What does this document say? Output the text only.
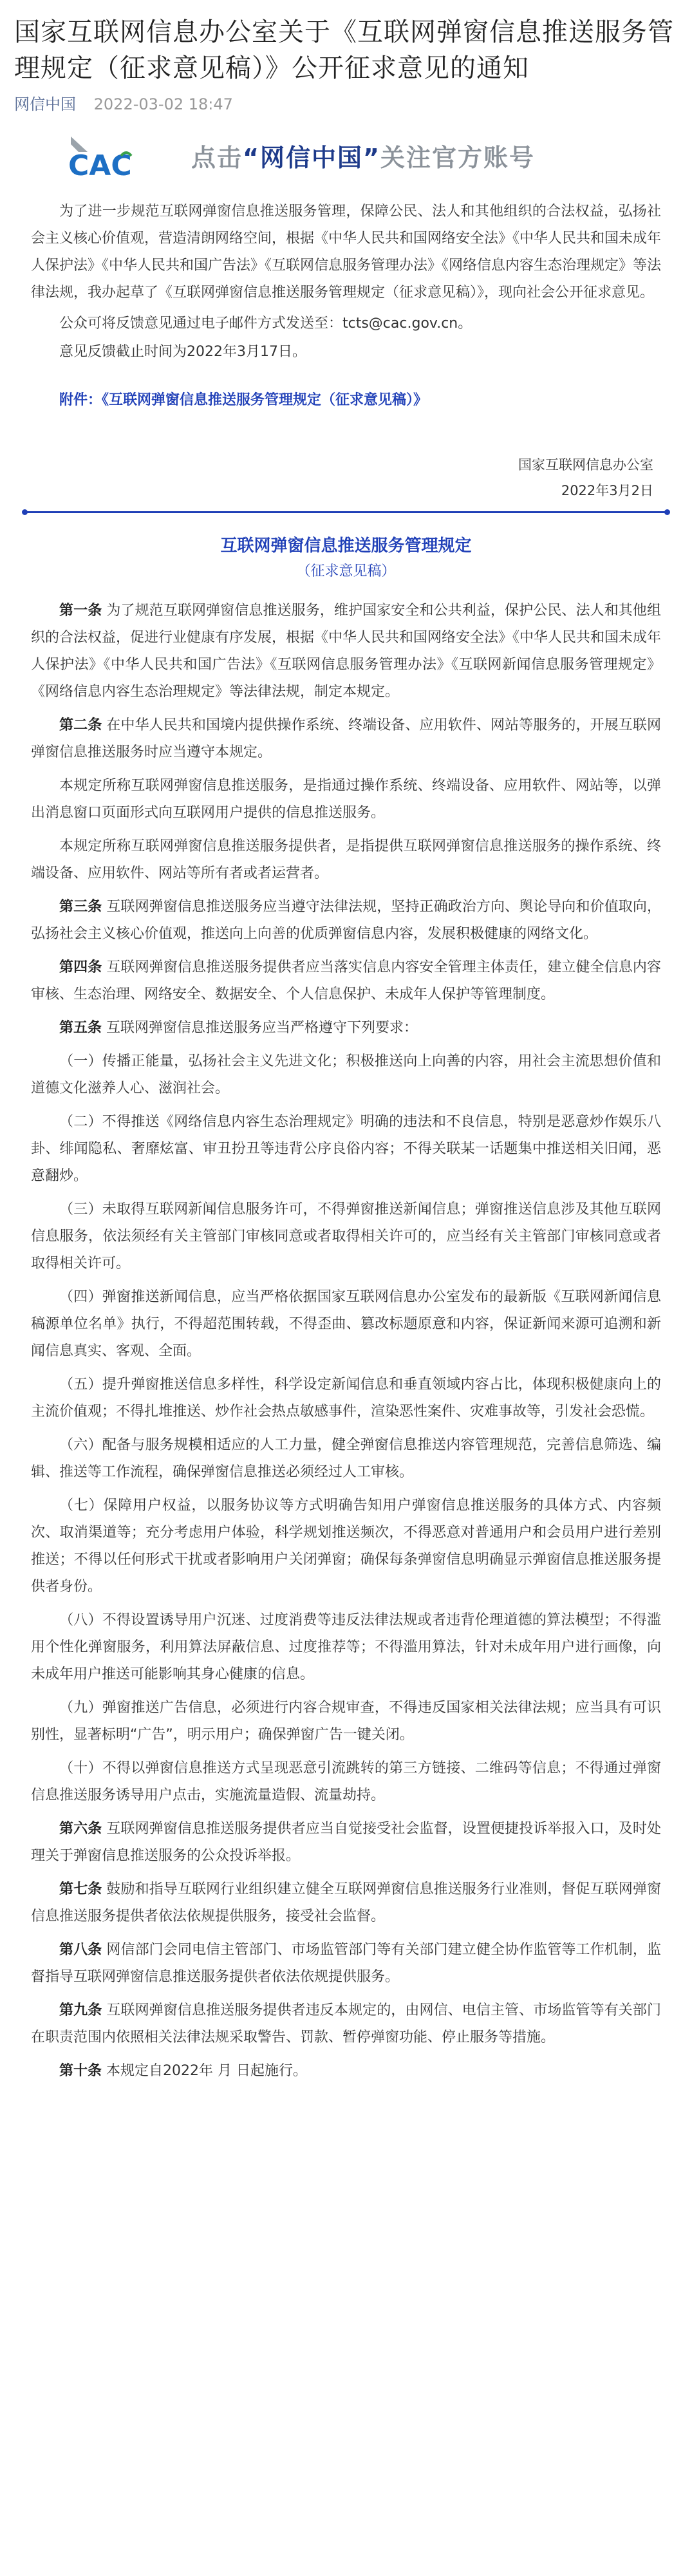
国家互联网信息办公室关于《互联网弹窗信息推送服务管理规定（征求意见稿）》公开征求意见的通知
网信中国 2022-03-02 18:47
CAC 点击“网信中国”关注官方账号

为了进一步规范互联网弹窗信息推送服务管理，保障公民、法人和其他组织的合法权益，弘扬社会主义核心价值观，营造清朗网络空间，根据《中华人民共和国网络安全法》《中华人民共和国未成年人保护法》《中华人民共和国广告法》《互联网信息服务管理办法》《网络信息内容生态治理规定》等法律法规，我办起草了《互联网弹窗信息推送服务管理规定（征求意见稿）》，现向社会公开征求意见。

公众可将反馈意见通过电子邮件方式发送至：tcts@cac.gov.cn。

意见反馈截止时间为2022年3月17日。

附件：《互联网弹窗信息推送服务管理规定（征求意见稿）》
国家互联网信息办公室
2022年3月2日
互联网弹窗信息推送服务管理规定
（征求意见稿）

第一条 为了规范互联网弹窗信息推送服务，维护国家安全和公共利益，保护公民、法人和其他组织的合法权益，促进行业健康有序发展，根据《中华人民共和国网络安全法》《中华人民共和国未成年人保护法》《中华人民共和国广告法》《互联网信息服务管理办法》《互联网新闻信息服务管理规定》《网络信息内容生态治理规定》等法律法规，制定本规定。

第二条 在中华人民共和国境内提供操作系统、终端设备、应用软件、网站等服务的，开展互联网弹窗信息推送服务时应当遵守本规定。

本规定所称互联网弹窗信息推送服务，是指通过操作系统、终端设备、应用软件、网站等，以弹出消息窗口页面形式向互联网用户提供的信息推送服务。

本规定所称互联网弹窗信息推送服务提供者，是指提供互联网弹窗信息推送服务的操作系统、终端设备、应用软件、网站等所有者或者运营者。

第三条 互联网弹窗信息推送服务应当遵守法律法规，坚持正确政治方向、舆论导向和价值取向，弘扬社会主义核心价值观，推送向上向善的优质弹窗信息内容，发展积极健康的网络文化。

第四条 互联网弹窗信息推送服务提供者应当落实信息内容安全管理主体责任，建立健全信息内容审核、生态治理、网络安全、数据安全、个人信息保护、未成年人保护等管理制度。

第五条 互联网弹窗信息推送服务应当严格遵守下列要求：

（一）传播正能量，弘扬社会主义先进文化；积极推送向上向善的内容，用社会主流思想价值和道德文化滋养人心、滋润社会。

（二）不得推送《网络信息内容生态治理规定》明确的违法和不良信息，特别是恶意炒作娱乐八卦、绯闻隐私、奢靡炫富、审丑扮丑等违背公序良俗内容；不得关联某一话题集中推送相关旧闻，恶意翻炒。

（三）未取得互联网新闻信息服务许可，不得弹窗推送新闻信息；弹窗推送信息涉及其他互联网信息服务，依法须经有关主管部门审核同意或者取得相关许可的，应当经有关主管部门审核同意或者取得相关许可。

（四）弹窗推送新闻信息，应当严格依据国家互联网信息办公室发布的最新版《互联网新闻信息稿源单位名单》执行，不得超范围转载，不得歪曲、篡改标题原意和内容，保证新闻来源可追溯和新闻信息真实、客观、全面。

（五）提升弹窗推送信息多样性，科学设定新闻信息和垂直领域内容占比，体现积极健康向上的主流价值观；不得扎堆推送、炒作社会热点敏感事件，渲染恶性案件、灾难事故等，引发社会恐慌。

（六）配备与服务规模相适应的人工力量，健全弹窗信息推送内容管理规范，完善信息筛选、编辑、推送等工作流程，确保弹窗信息推送必须经过人工审核。

（七）保障用户权益，以服务协议等方式明确告知用户弹窗信息推送服务的具体方式、内容频次、取消渠道等；充分考虑用户体验，科学规划推送频次，不得恶意对普通用户和会员用户进行差别推送；不得以任何形式干扰或者影响用户关闭弹窗；确保每条弹窗信息明确显示弹窗信息推送服务提供者身份。

（八）不得设置诱导用户沉迷、过度消费等违反法律法规或者违背伦理道德的算法模型；不得滥用个性化弹窗服务，利用算法屏蔽信息、过度推荐等；不得滥用算法，针对未成年用户进行画像，向未成年用户推送可能影响其身心健康的信息。

（九）弹窗推送广告信息，必须进行内容合规审查，不得违反国家相关法律法规；应当具有可识别性，显著标明“广告”，明示用户；确保弹窗广告一键关闭。

（十）不得以弹窗信息推送方式呈现恶意引流跳转的第三方链接、二维码等信息；不得通过弹窗信息推送服务诱导用户点击，实施流量造假、流量劫持。

第六条 互联网弹窗信息推送服务提供者应当自觉接受社会监督，设置便捷投诉举报入口，及时处理关于弹窗信息推送服务的公众投诉举报。

第七条 鼓励和指导互联网行业组织建立健全互联网弹窗信息推送服务行业准则，督促互联网弹窗信息推送服务提供者依法依规提供服务，接受社会监督。

第八条 网信部门会同电信主管部门、市场监管部门等有关部门建立健全协作监管等工作机制，监督指导互联网弹窗信息推送服务提供者依法依规提供服务。

第九条 互联网弹窗信息推送服务提供者违反本规定的，由网信、电信主管、市场监管等有关部门在职责范围内依照相关法律法规采取警告、罚款、暂停弹窗功能、停止服务等措施。

第十条 本规定自2022年 月 日起施行。
